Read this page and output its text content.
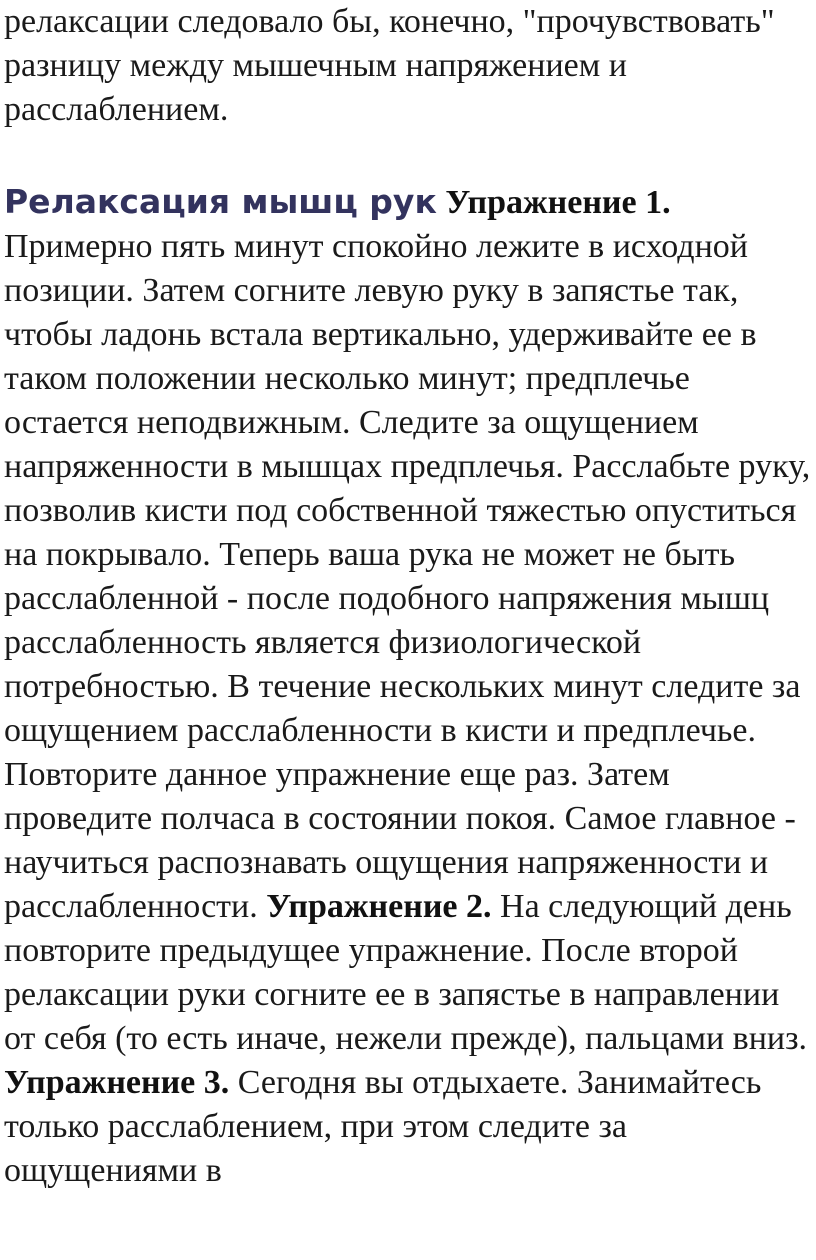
релаксации следовало бы, конечно, "прочувствовать" разницу между мышечным напряжением и расслаблением.

Релаксация мышц рук Упражнение 1. Примерно пять минут спокойно лежите в исходной позиции. Затем согните левую руку в запястье так, чтобы ладонь встала вертикально, удерживайте ее в таком положении несколько минут; предплечье остается неподвижным. Следите за ощущением напряженности в мышцах предплечья. Расслабьте руку, позволив кисти под собственной тяжестью опуститься на покрывало. Теперь ваша рука не может не быть расслабленной - после подобного напряжения мышц расслабленность является физиологической потребностью. В течение нескольких минут следите за ощущением расслабленности в кисти и предплечье. Повторите данное упражнение еще раз. Затем проведите полчаса в состоянии покоя. Самое главное - научиться распознавать ощущения напряженности и расслабленности. Упражнение 2. На следующий день повторите предыдущее упражнение. После второй релаксации руки согните ее в запястье в направлении от себя (то есть иначе, нежели прежде), пальцами вниз. Упражнение 3. Сегодня вы отдыхаете. Занимайтесь только расслаблением, при этом следите за ощущениями в
